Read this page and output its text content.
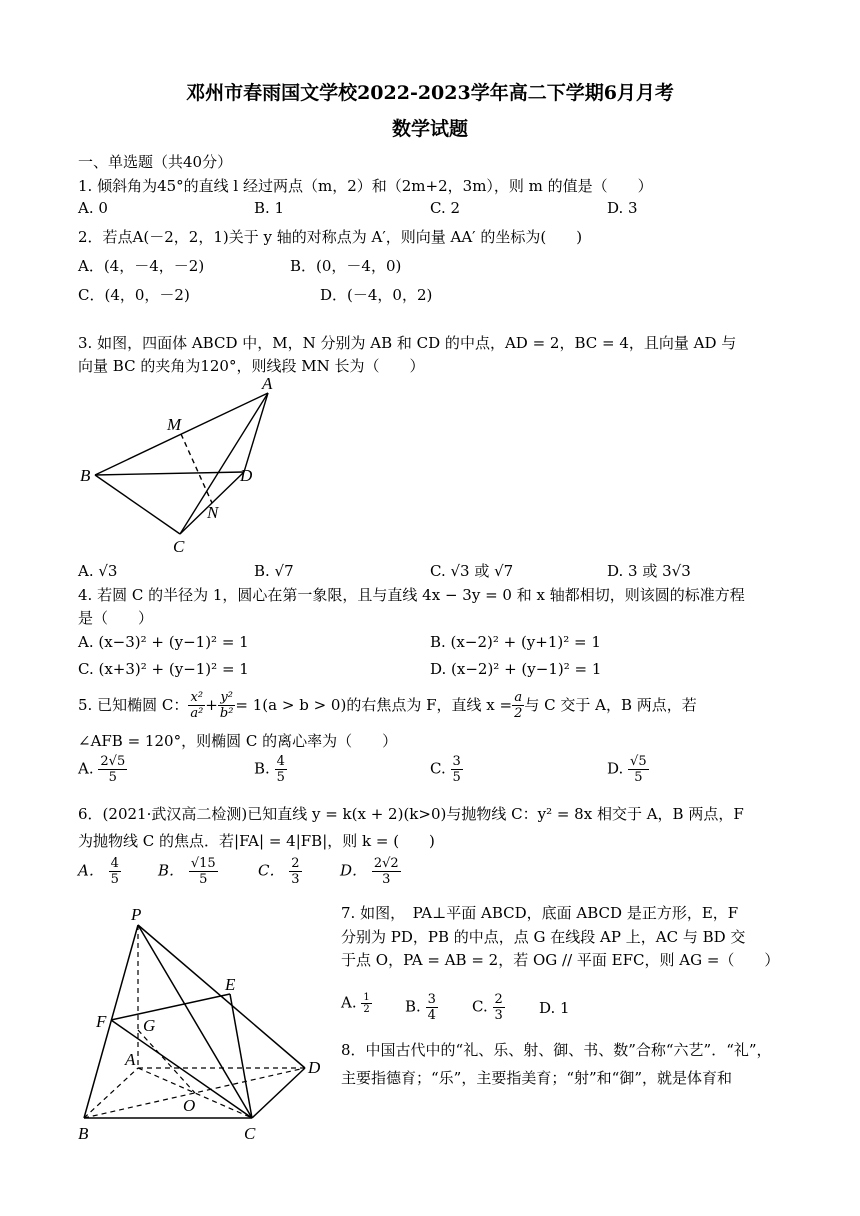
邓州市春雨国文学校2022-2023学年高二下学期6月月考
数学试题
一、单选题（共40分）
1. 倾斜角为45°的直线 l 经过两点（m，2）和（2m+2，3m），则 m 的值是（　　）
A. 0	B. 1	C. 2	D. 3
2．若点A(－2，2，1)关于 y 轴的对称点为 A′，则向量 AA′ 的坐标为(　　)
A．(4，－4，－2)	B．(0，－4，0)
C．(4，0，－2)	D．(－4，0，2)
3. 如图，四面体 ABCD 中，M，N 分别为 AB 和 CD 的中点，AD = 2，BC = 4，且向量 AD 与
向量 BC 的夹角为120°，则线段 MN 长为（　　）
A
M
B	D
N
C
A. √3	B. √7	C. √3 或 √7	D. 3 或 3√3
4. 若圆 C 的半径为 1，圆心在第一象限，且与直线 4x − 3y = 0 和 x 轴都相切，则该圆的标准方程
是（　　）
A. (x−3)² + (y−1)² = 1	B. (x−2)² + (y+1)² = 1
C. (x+3)² + (y−1)² = 1	D. (x−2)² + (y−1)² = 1
5. 已知椭圆 C： $\frac{\text{x²}}{\text{a²}} + \frac{\text{y²}}{\text{b²}} = 1(a > b > 0)$ 的右焦点为 F，直线 $x = \frac{a}{2}$ 与 C 交于 A，B 两点，若
∠AFB = 120°，则椭圆 C 的离心率为（　　）
A. $\frac{2√5}{5}$	B. $\frac{4}{5}$	C. $\frac{3}{5}$	D. $\frac{√5}{5}$
6．(2021·武汉高二检测)已知直线 y = k(x + 2)(k>0)与抛物线 C：y² = 8x 相交于 A，B 两点，F
为抛物线 C 的焦点．若|FA| = 4|FB|，则 k = (　　)
A． $\frac{4}{5}$ B． $\frac{√15}{5}$	C． $\frac{2}{3}$	D． $\frac{2√2}{3}$
P
E
F G
A	D
O
B	C
7. 如图，　PA⊥平面 ABCD，底面 ABCD 是正方形，E，F
分别为 PD，PB 的中点，点 G 在线段 AP 上，AC 与 BD 交
于点 O，PA = AB = 2，若 OG // 平面 EFC，则 AG =（　　）
A. $\frac{1}{2} B$. $\frac{3}{4} C$. $\frac{2}{3} D$. 1
8．中国古代中的“礼、乐、射、御、书、数”合称“六艺”．“礼”，
主要指德育；“乐”，主要指美育；“射”和“御”，就是体育和
